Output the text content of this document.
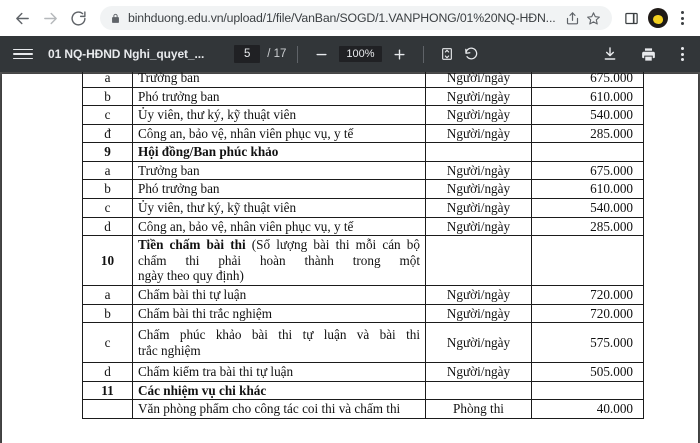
binhduong.edu.vn/upload/1/file/VanBan/SOGD/1.VANPHONG/01%20NQ-HĐN...
01 NQ-HĐND Nghi_quyet_...
5	/ 17	100%
a	Trưởng ban	Người/ngày	675.000
b	Phó trưởng ban	Người/ngày	610.000
c	Ủy viên, thư ký, kỹ thuật viên	Người/ngày	540.000
đ	Công an, bảo vệ, nhân viên phục vụ, y tế	Người/ngày	285.000
9	Hội đồng/Ban phúc khảo		
a	Trưởng ban	Người/ngày	675.000
b	Phó trưởng ban	Người/ngày	610.000
c	Ủy viên, thư ký, kỹ thuật viên	Người/ngày	540.000
d	Công an, bảo vệ, nhân viên phục vụ, y tế	Người/ngày	285.000
10	Tiền chấm bài thi (Số lượng bài thi mỗi cán bộ chấm thi phải hoàn thành trong một
ngày theo quy định)		

a	Chấm bài thi tự luận	Người/ngày	720.000
b	Chấm bài thi trắc nghiệm	Người/ngày	720.000
c	Chấm phúc khảo bài thi tự luận và bài thi
trắc nghiệm	Người/ngày	575.000
d	Chấm kiểm tra bài thi tự luận	Người/ngày	505.000
11	Các nhiệm vụ chi khác		
	Văn phòng phẩm cho công tác coi thi và chấm thi	Phòng thi	40.000
